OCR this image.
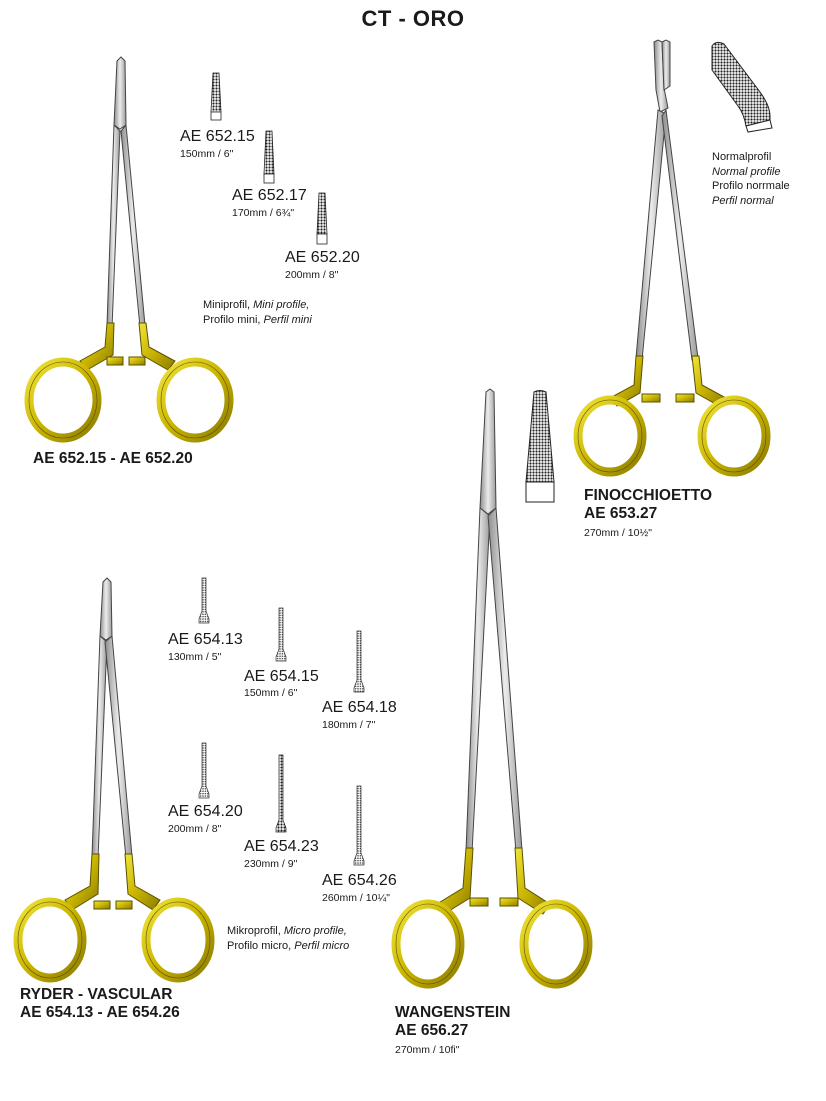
CT - ORO
AE 652.15
150mm / 6"
AE 652.17
170mm / 6¾"
AE 652.20
200mm / 8"
Miniprofil, Mini profile,
Profilo mini, Perfil mini
AE 652.15 - AE 652.20
Normalprofil
Normal profile
Profilo norrmale
Perfil normal
FINOCCHIOETTO
AE 653.27
270mm / 10½"
WANGENSTEIN
AE 656.27
270mm / 10fi"
AE 654.13
130mm / 5"
AE 654.15
150mm / 6"
AE 654.18
180mm / 7"
AE 654.20
200mm / 8"
AE 654.23
230mm / 9"
AE 654.26
260mm / 10¼"
Mikroprofil, Micro profile,
Profilo micro, Perfil micro
RYDER - VASCULAR
AE 654.13 - AE 654.26
